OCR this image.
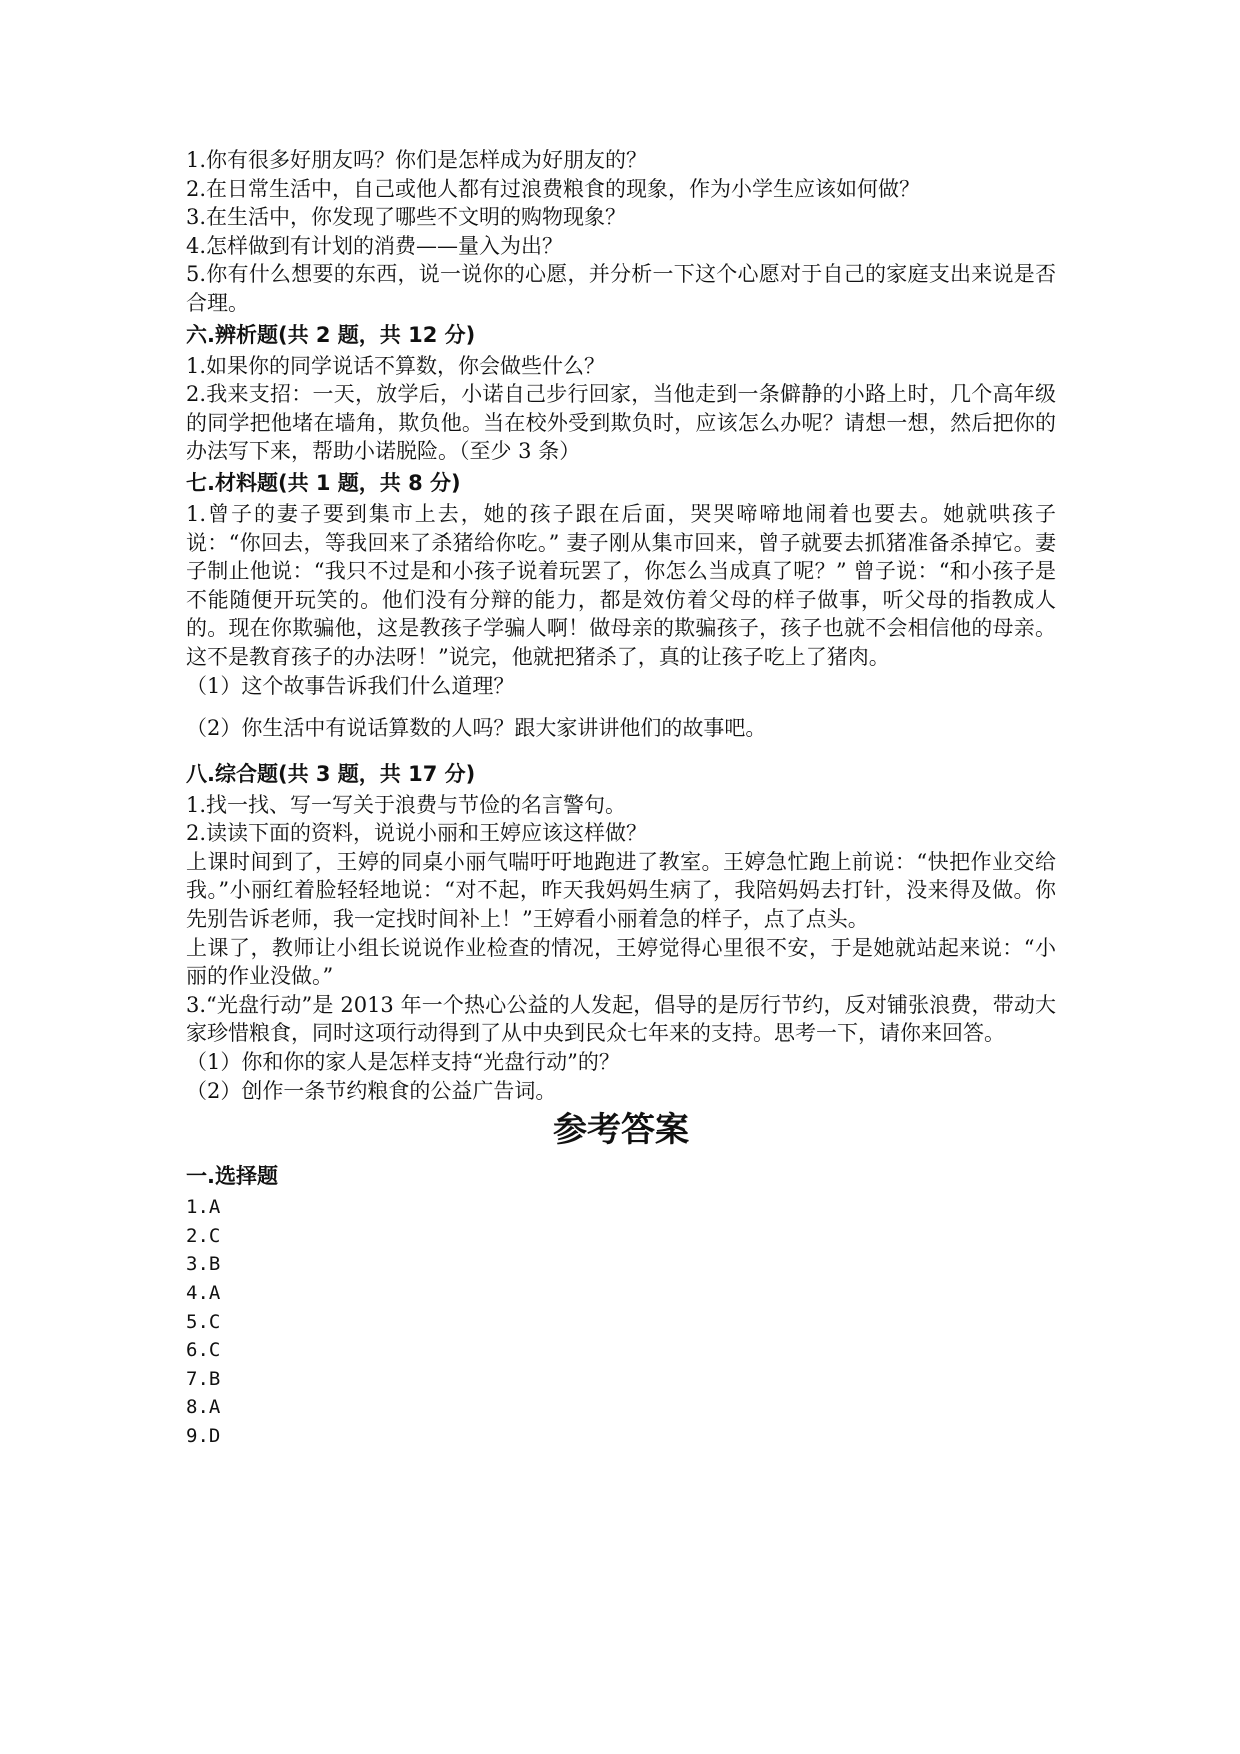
1.你有很多好朋友吗？你们是怎样成为好朋友的？

2.在日常生活中，自己或他人都有过浪费粮食的现象，作为小学生应该如何做？

3.在生活中，你发现了哪些不文明的购物现象？

4.怎样做到有计划的消费——量入为出？

5.你有什么想要的东西，说一说你的心愿，并分析一下这个心愿对于自己的家庭支出来说是否合理。

六.辨析题(共 2 题，共 12 分)

1.如果你的同学说话不算数，你会做些什么？

2.我来支招：一天，放学后，小诺自己步行回家，当他走到一条僻静的小路上时，几个高年级的同学把他堵在墙角，欺负他。当在校外受到欺负时，应该怎么办呢？请想一想，然后把你的办法写下来，帮助小诺脱险。（至少 3 条）

七.材料题(共 1 题，共 8 分)

1.曾子的妻子要到集市上去，她的孩子跟在后面，哭哭啼啼地闹着也要去。她就哄孩子说：“你回去，等我回来了杀猪给你吃。” 妻子刚从集市回来，曾子就要去抓猪准备杀掉它。妻子制止他说：“我只不过是和小孩子说着玩罢了，你怎么当成真了呢？” 曾子说：“和小孩子是不能随便开玩笑的。他们没有分辩的能力，都是效仿着父母的样子做事，听父母的指教成人的。现在你欺骗他，这是教孩子学骗人啊！做母亲的欺骗孩子，孩子也就不会相信他的母亲。这不是教育孩子的办法呀！”说完，他就把猪杀了，真的让孩子吃上了猪肉。

（1）这个故事告诉我们什么道理？

（2）你生活中有说话算数的人吗？跟大家讲讲他们的故事吧。

八.综合题(共 3 题，共 17 分)

1.找一找、写一写关于浪费与节俭的名言警句。

2.读读下面的资料，说说小丽和王婷应该这样做？

上课时间到了，王婷的同桌小丽气喘吁吁地跑进了教室。王婷急忙跑上前说：“快把作业交给我。”小丽红着脸轻轻地说：“对不起，昨天我妈妈生病了，我陪妈妈去打针，没来得及做。你先别告诉老师，我一定找时间补上！”王婷看小丽着急的样子，点了点头。

上课了，教师让小组长说说作业检查的情况，王婷觉得心里很不安，于是她就站起来说：“小丽的作业没做。”

3.“光盘行动”是 2013 年一个热心公益的人发起，倡导的是厉行节约，反对铺张浪费，带动大家珍惜粮食，同时这项行动得到了从中央到民众七年来的支持。思考一下，请你来回答。

（1）你和你的家人是怎样支持“光盘行动”的？

（2）创作一条节约粮食的公益广告词。

参考答案
一.选择题

1.A

2.C

3.B

4.A

5.C

6.C

7.B

8.A

9.D
